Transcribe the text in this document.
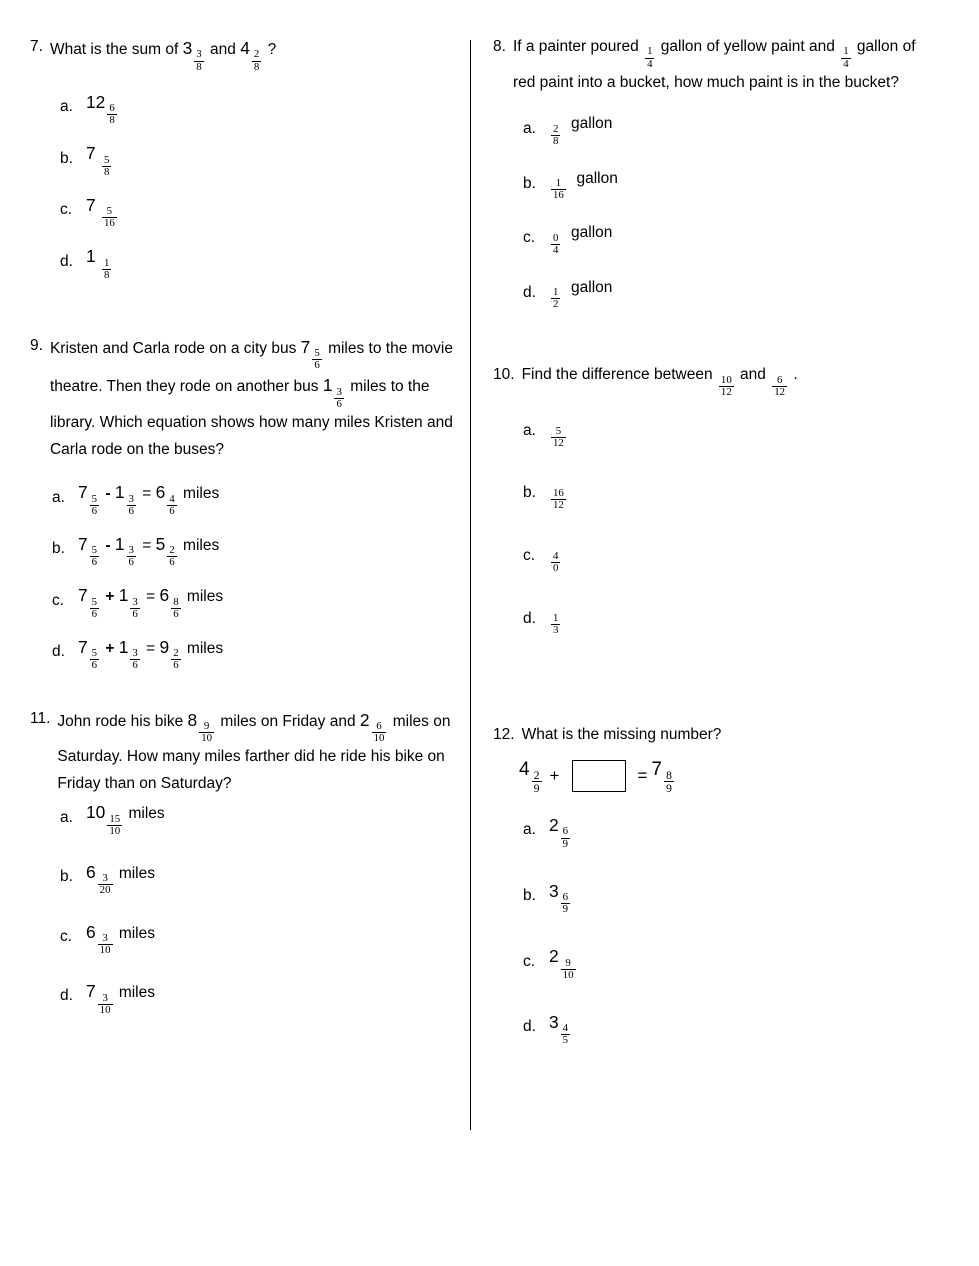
7. What is the sum of 3
$\frac{3}{8}$ and 4
$\frac{2}{8}$ ?
a. 12
$\frac{6}{8}$
b. 7
$\frac{5}{8}$
c. 7
$\frac{5}{16}$
d. 1
$\frac{1}{8}$
9. Kristen and Carla rode on a city bus 7
$\frac{5}{6}$ miles to the movie theatre. Then they rode on another bus 1
$\frac{3}{6}$ miles to the library. Which equation shows how many miles Kristen and Carla rode on the buses?
a. 7
$\frac{5}{6} - 1$
$\frac{3}{6} = 6$
$\frac{4}{6}$ miles
b. 7
$\frac{5}{6} - 1$
$\frac{3}{6} = 5$
$\frac{2}{6}$ miles
c. 7
$\frac{5}{6} + 1$
$\frac{3}{6} = 6$
$\frac{8}{6}$ miles
d. 7
$\frac{5}{6} + 1$
$\frac{3}{6} = 9$
$\frac{2}{6}$ miles
11. John rode his bike 8
$\frac{9}{10}$ miles on Friday and 2
$\frac{6}{10}$ miles on Saturday. How many miles farther did he ride his bike on Friday than on Saturday?
a. 10
$\frac{15}{10}$ miles
b. 6
$\frac{3}{20}$ miles
c. 6
$\frac{3}{10}$ miles
d. 7
$\frac{3}{10}$ miles
8. If a painter poured $\frac{1}{4}$ gallon of yellow paint and $\frac{1}{4}$ gallon of red paint into a bucket, how much paint is in the bucket?
a.	$\frac{2}{8}$ gallon
b.	$\frac{1}{16}$ gallon
c.	$\frac{0}{4}$ gallon
d.	$\frac{1}{2}$ gallon
10. Find the difference between $\frac{10}{12}$ and $\frac{6}{12}$ .
a.	$\frac{5}{12}$
b.	$\frac{16}{12}$
c.	$\frac{4}{0}$
d.	$\frac{1}{3}$
12. What is the missing number?
$4 \frac{2}{9}$ +	= $7 \frac{8}{9}$
a. 2
$\frac{6}{9}$
b. 3
$\frac{6}{9}$
c. 2
$\frac{9}{10}$
d. 3
$\frac{4}{5}$
